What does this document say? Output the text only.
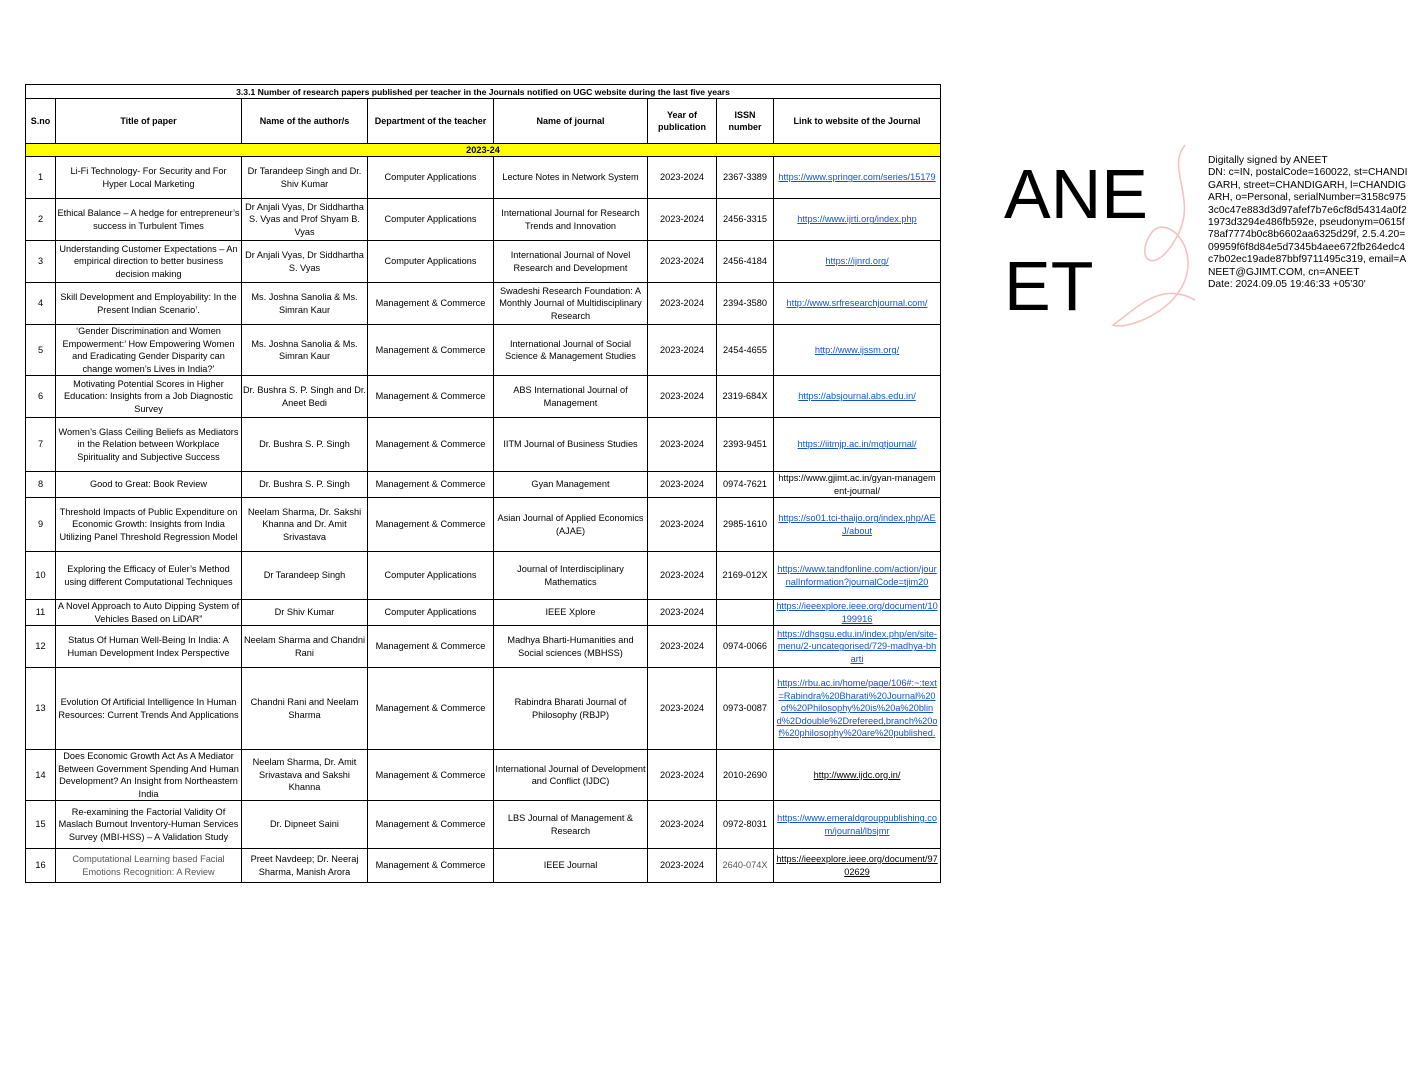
3.3.1 Number of research papers published per teacher in the Journals notified on UGC website during the last five years							
S.no	Title of paper	Name of the author/s	Department of the teacher	Name of journal	Year of publication	ISSN number	Link to website of the Journal
2023-24							
1	Li-Fi Technology- For Security and For Hyper Local Marketing	Dr Tarandeep Singh and Dr. Shiv Kumar	Computer Applications	Lecture Notes in Network System	2023-2024	2367-3389	https://www.springer.com/series/15179
2	Ethical Balance – A hedge for entrepreneur’s success in Turbulent Times	Dr Anjali Vyas, Dr Siddhartha S. Vyas and Prof Shyam B. Vyas	Computer Applications	International Journal for Research Trends and Innovation	2023-2024	2456-3315	https://www.ijrti.org/index.php
3	Understanding Customer Expectations – An empirical direction to better business decision making	Dr Anjali Vyas, Dr Siddhartha S. Vyas	Computer Applications	International Journal of Novel Research and Development	2023-2024	2456-4184	https://ijnrd.org/
4	Skill Development and Employability: In the Present Indian Scenario’.	Ms. Joshna Sanolia & Ms. Simran Kaur	Management & Commerce	Swadeshi Research Foundation: A Monthly Journal of Multidisciplinary Research	2023-2024	2394-3580	http://www.srfresearchjournal.com/
5	‘Gender Discrimination and Women Empowerment:’ How Empowering Women and Eradicating Gender Disparity can change women’s Lives in India?’	Ms. Joshna Sanolia & Ms. Simran Kaur	Management & Commerce	International Journal of Social Science & Management Studies	2023-2024	2454-4655	http://www.ijssm.org/
6	Motivating Potential Scores in Higher Education: Insights from a Job Diagnostic Survey	Dr. Bushra S. P. Singh and Dr. Aneet Bedi	Management & Commerce	ABS International Journal of Management	2023-2024	2319-684X	https://absjournal.abs.edu.in/
7	Women’s Glass Ceiling Beliefs as Mediators in the Relation between Workplace Spirituality and Subjective Success	Dr. Bushra S. P. Singh	Management & Commerce	IITM Journal of Business Studies	2023-2024	2393-9451	https://iitmjp.ac.in/mgtjournal/
8	Good to Great: Book Review	Dr. Bushra S. P. Singh	Management & Commerce	Gyan Management	2023-2024	0974-7621	https://www.gjimt.ac.in/gyan-management-journal/
9	Threshold Impacts of Public Expenditure on Economic Growth: Insights from India Utilizing Panel Threshold Regression Model	Neelam Sharma, Dr. Sakshi Khanna and Dr. Amit Srivastava	Management & Commerce	Asian Journal of Applied Economics (AJAE)	2023-2024	2985-1610	https://so01.tci-thaijo.org/index.php/AEJ/about
10	Exploring the Efficacy of Euler’s Method using different Computational Techniques	Dr Tarandeep Singh	Computer Applications	Journal of Interdisciplinary Mathematics	2023-2024	2169-012X	https://www.tandfonline.com/action/journalInformation?journalCode=tjim20
11	A Novel Approach to Auto Dipping System of Vehicles Based on LiDAR”	Dr Shiv Kumar	Computer Applications	IEEE Xplore	2023-2024		https://ieeexplore.ieee.org/document/10199916
12	Status Of Human Well-Being In India: A Human Development Index Perspective	Neelam Sharma and Chandni Rani	Management & Commerce	Madhya Bharti-Humanities and Social sciences (MBHSS)	2023-2024	0974-0066	https://dhsgsu.edu.in/index.php/en/site-menu/2-uncategorised/729-madhya-bharti
13	Evolution Of Artificial Intelligence In Human Resources: Current Trends And Applications	Chandni Rani and Neelam Sharma	Management & Commerce	Rabindra Bharati Journal of Philosophy (RBJP)	2023-2024	0973-0087	https://rbu.ac.in/home/page/106#:~:text=Rabindra%20Bharati%20Journal%20of%20Philosophy%20is%20a%20blind%2Ddouble%2Drefereed,branch%20of%20philosophy%20are%20published.
14	Does Economic Growth Act As A Mediator Between Government Spending And Human Development? An Insight from Northeastern India	Neelam Sharma, Dr. Amit Srivastava and Sakshi Khanna	Management & Commerce	International Journal of Development and Conflict (IJDC)	2023-2024	2010-2690	http://www.ijdc.org.in/
15	Re-examining the Factorial Validity Of Maslach Burnout Inventory-Human Services Survey (MBI-HSS) – A Validation Study	Dr. Dipneet Saini	Management & Commerce	LBS Journal of Management & Research	2023-2024	0972-8031	https://www.emeraldgrouppublishing.com/journal/lbsjmr
16	Computational Learning based Facial Emotions Recognition: A Review	Preet Navdeep; Dr. Neeraj Sharma, Manish Arora	Management & Commerce	IEEE Journal	2023-2024	2640-074X	https://ieeexplore.ieee.org/document/9702629
ANEET
Digitally signed by ANEET
DN: c=IN, postalCode=160022, st=CHANDIGARH, street=CHANDIGARH, l=CHANDIGARH, o=Personal, serialNumber=3158c9753c0c47e883d3d97afef7b7e6cf8d54314a0f21973d3294e486fb592e, pseudonym=0615f78af7774b0c8b6602aa6325d29f, 2.5.4.20=09959f6f8d84e5d7345b4aee672fb264edc4c7b02ec19ade87bbf9711495c319, email=ANEET@GJIMT.COM, cn=ANEET
Date: 2024.09.05 19:46:33 +05'30'
